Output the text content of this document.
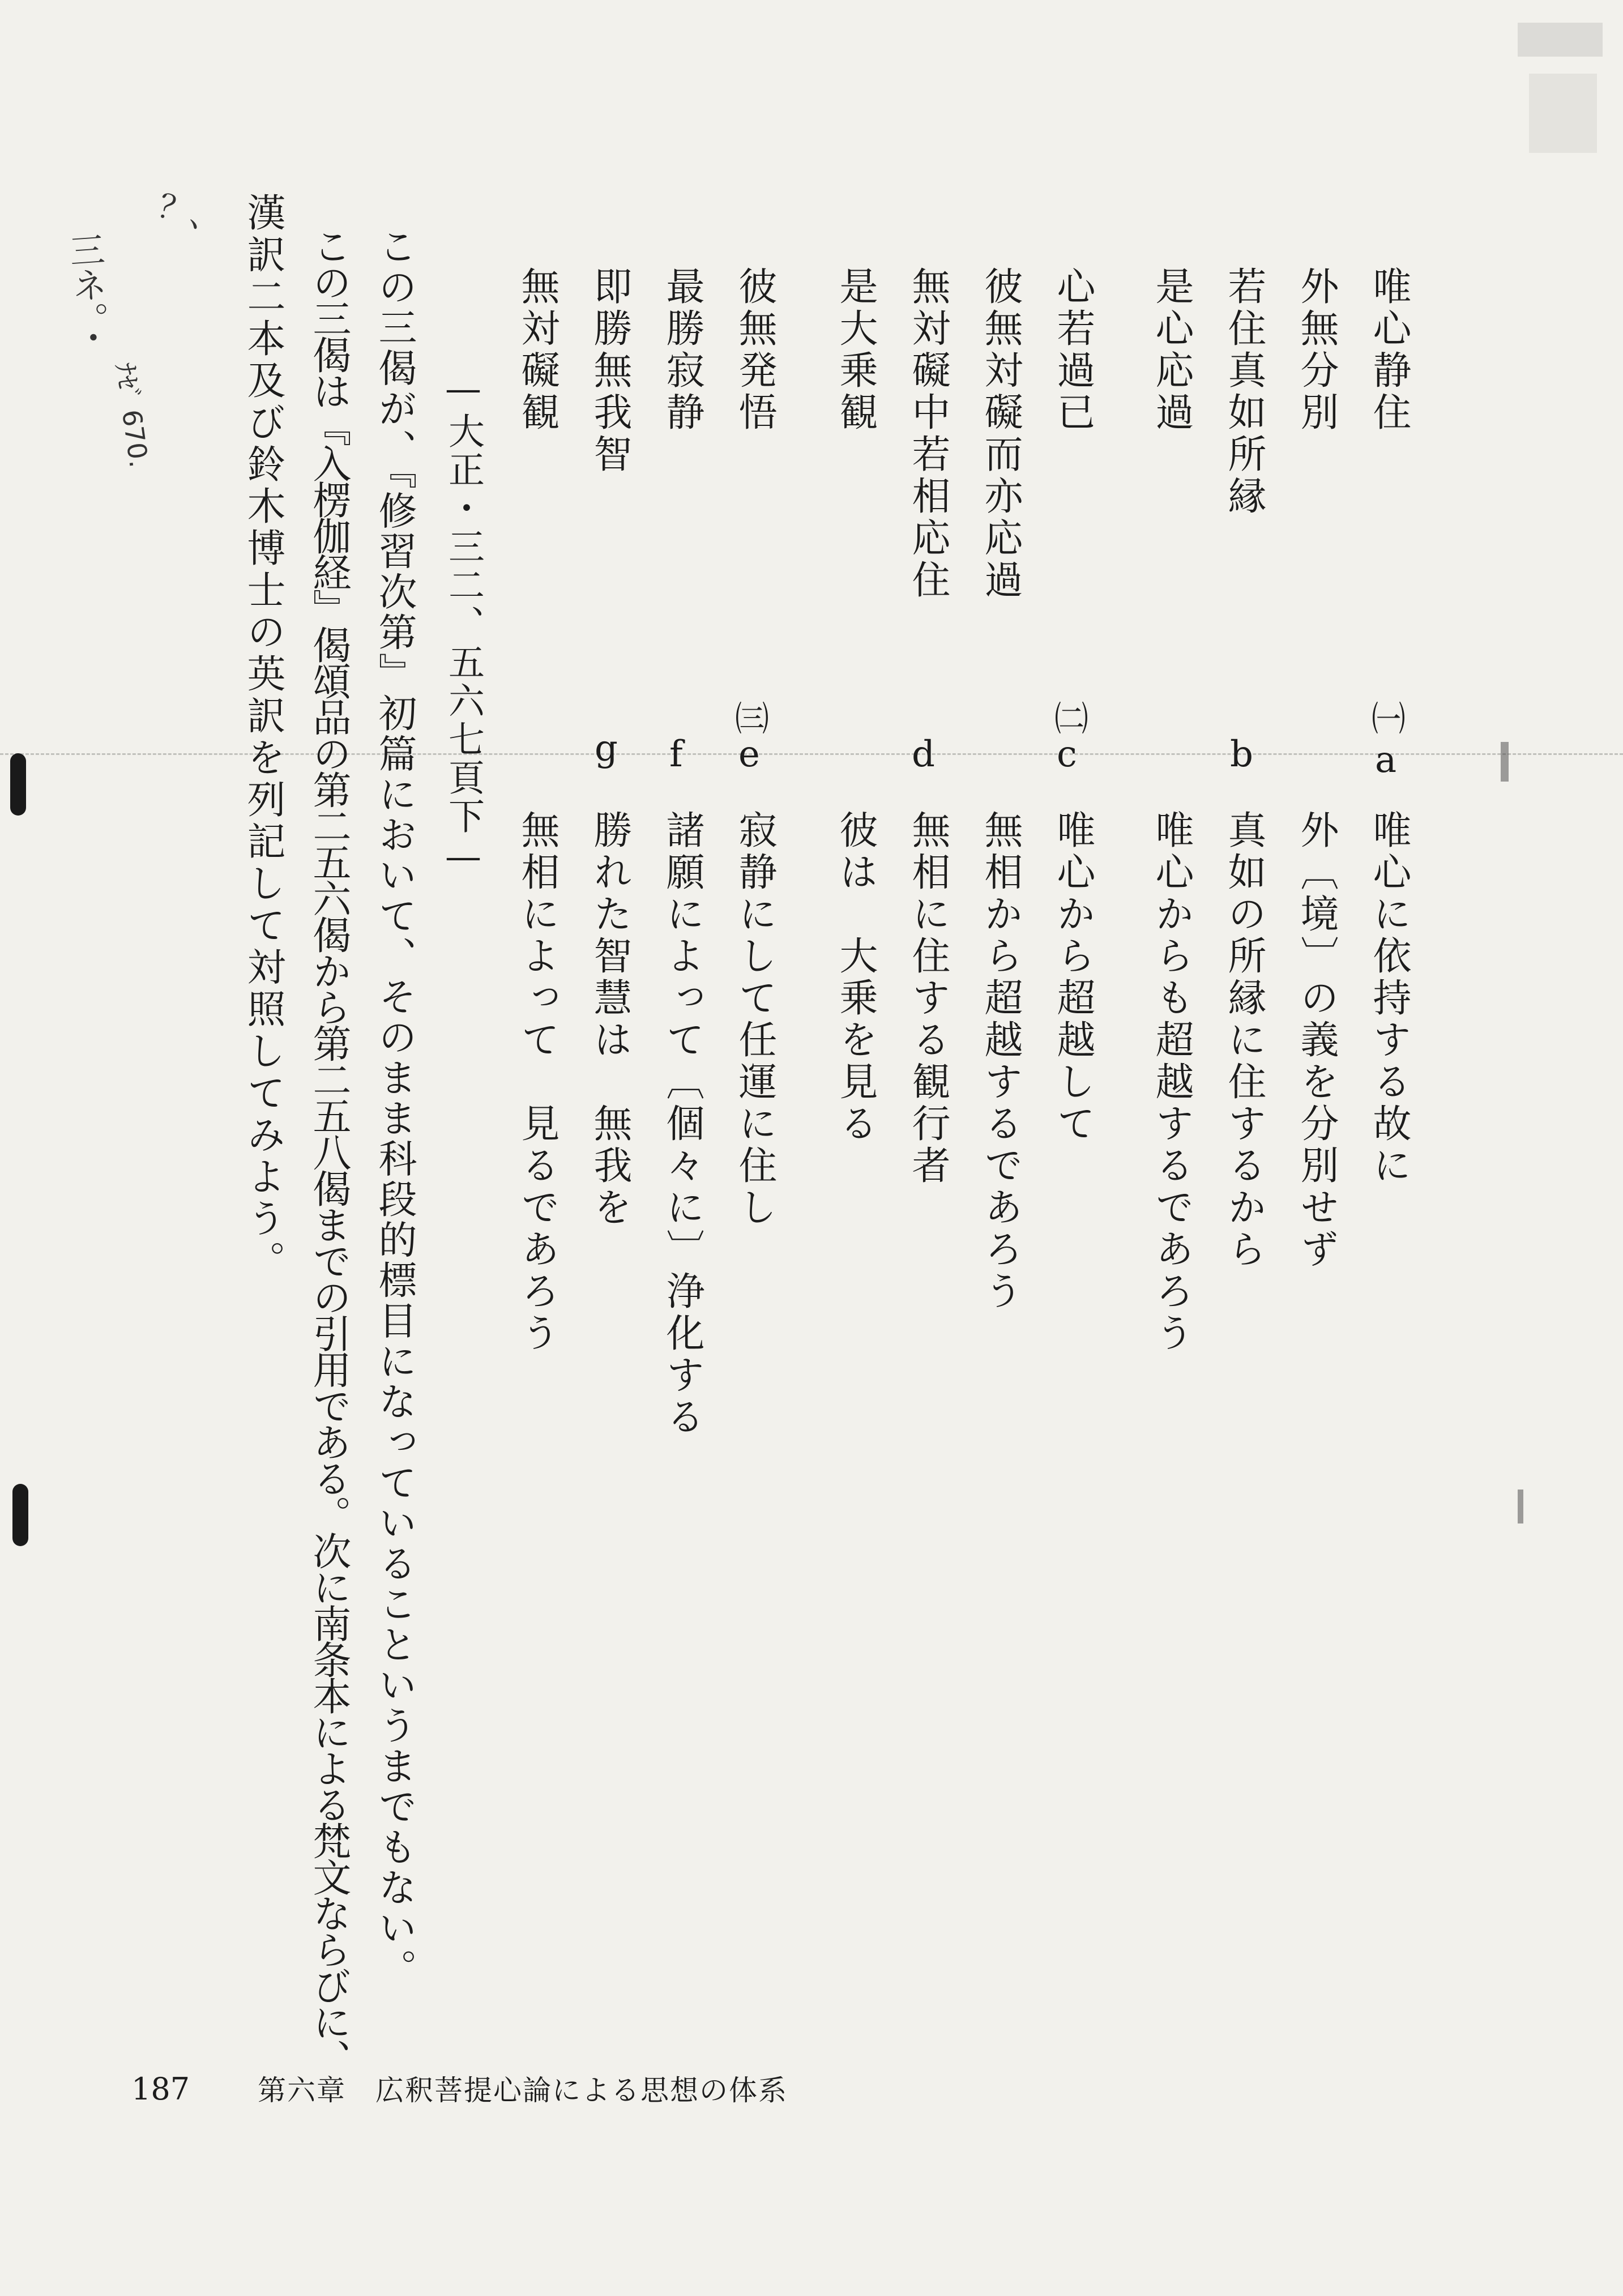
唯心静住
外無分別
若住真如所縁
是心応過
心若過已
彼無対礙而亦応過
無対礙中若相応住
是大乗観
彼無発悟
最勝寂静
即勝無我智
無対礙観
—大正・三二、五六七頁下—	㈠
a
b
㈡
c
d
㈢
e
f
g
唯心に依持する故に
外〔境〕の義を分別せず
真如の所縁に住するから
唯心からも超越するであろう
唯心から超越して
無相から超越するであろう
無相に住する観行者
彼は　大乗を見る
寂静にして任運に住し
諸願によって〔個々に〕浄化する
勝れた智慧は　無我を
無相によって　見るであろう
この三偈が、『修習次第』初篇において、そのまま科段的標目になっているこというまでもない。
この三偈は『入楞伽経』偈頌品の第二五六偈から第二五八偈までの引用である。次に南条本による梵文ならびに、
漢訳二本及び鈴木博士の英訳を列記して対照してみよう。
？、
三ネ。・
ﾅｾﾞ 670.
187 第六章　広釈菩提心論による思想の体系
